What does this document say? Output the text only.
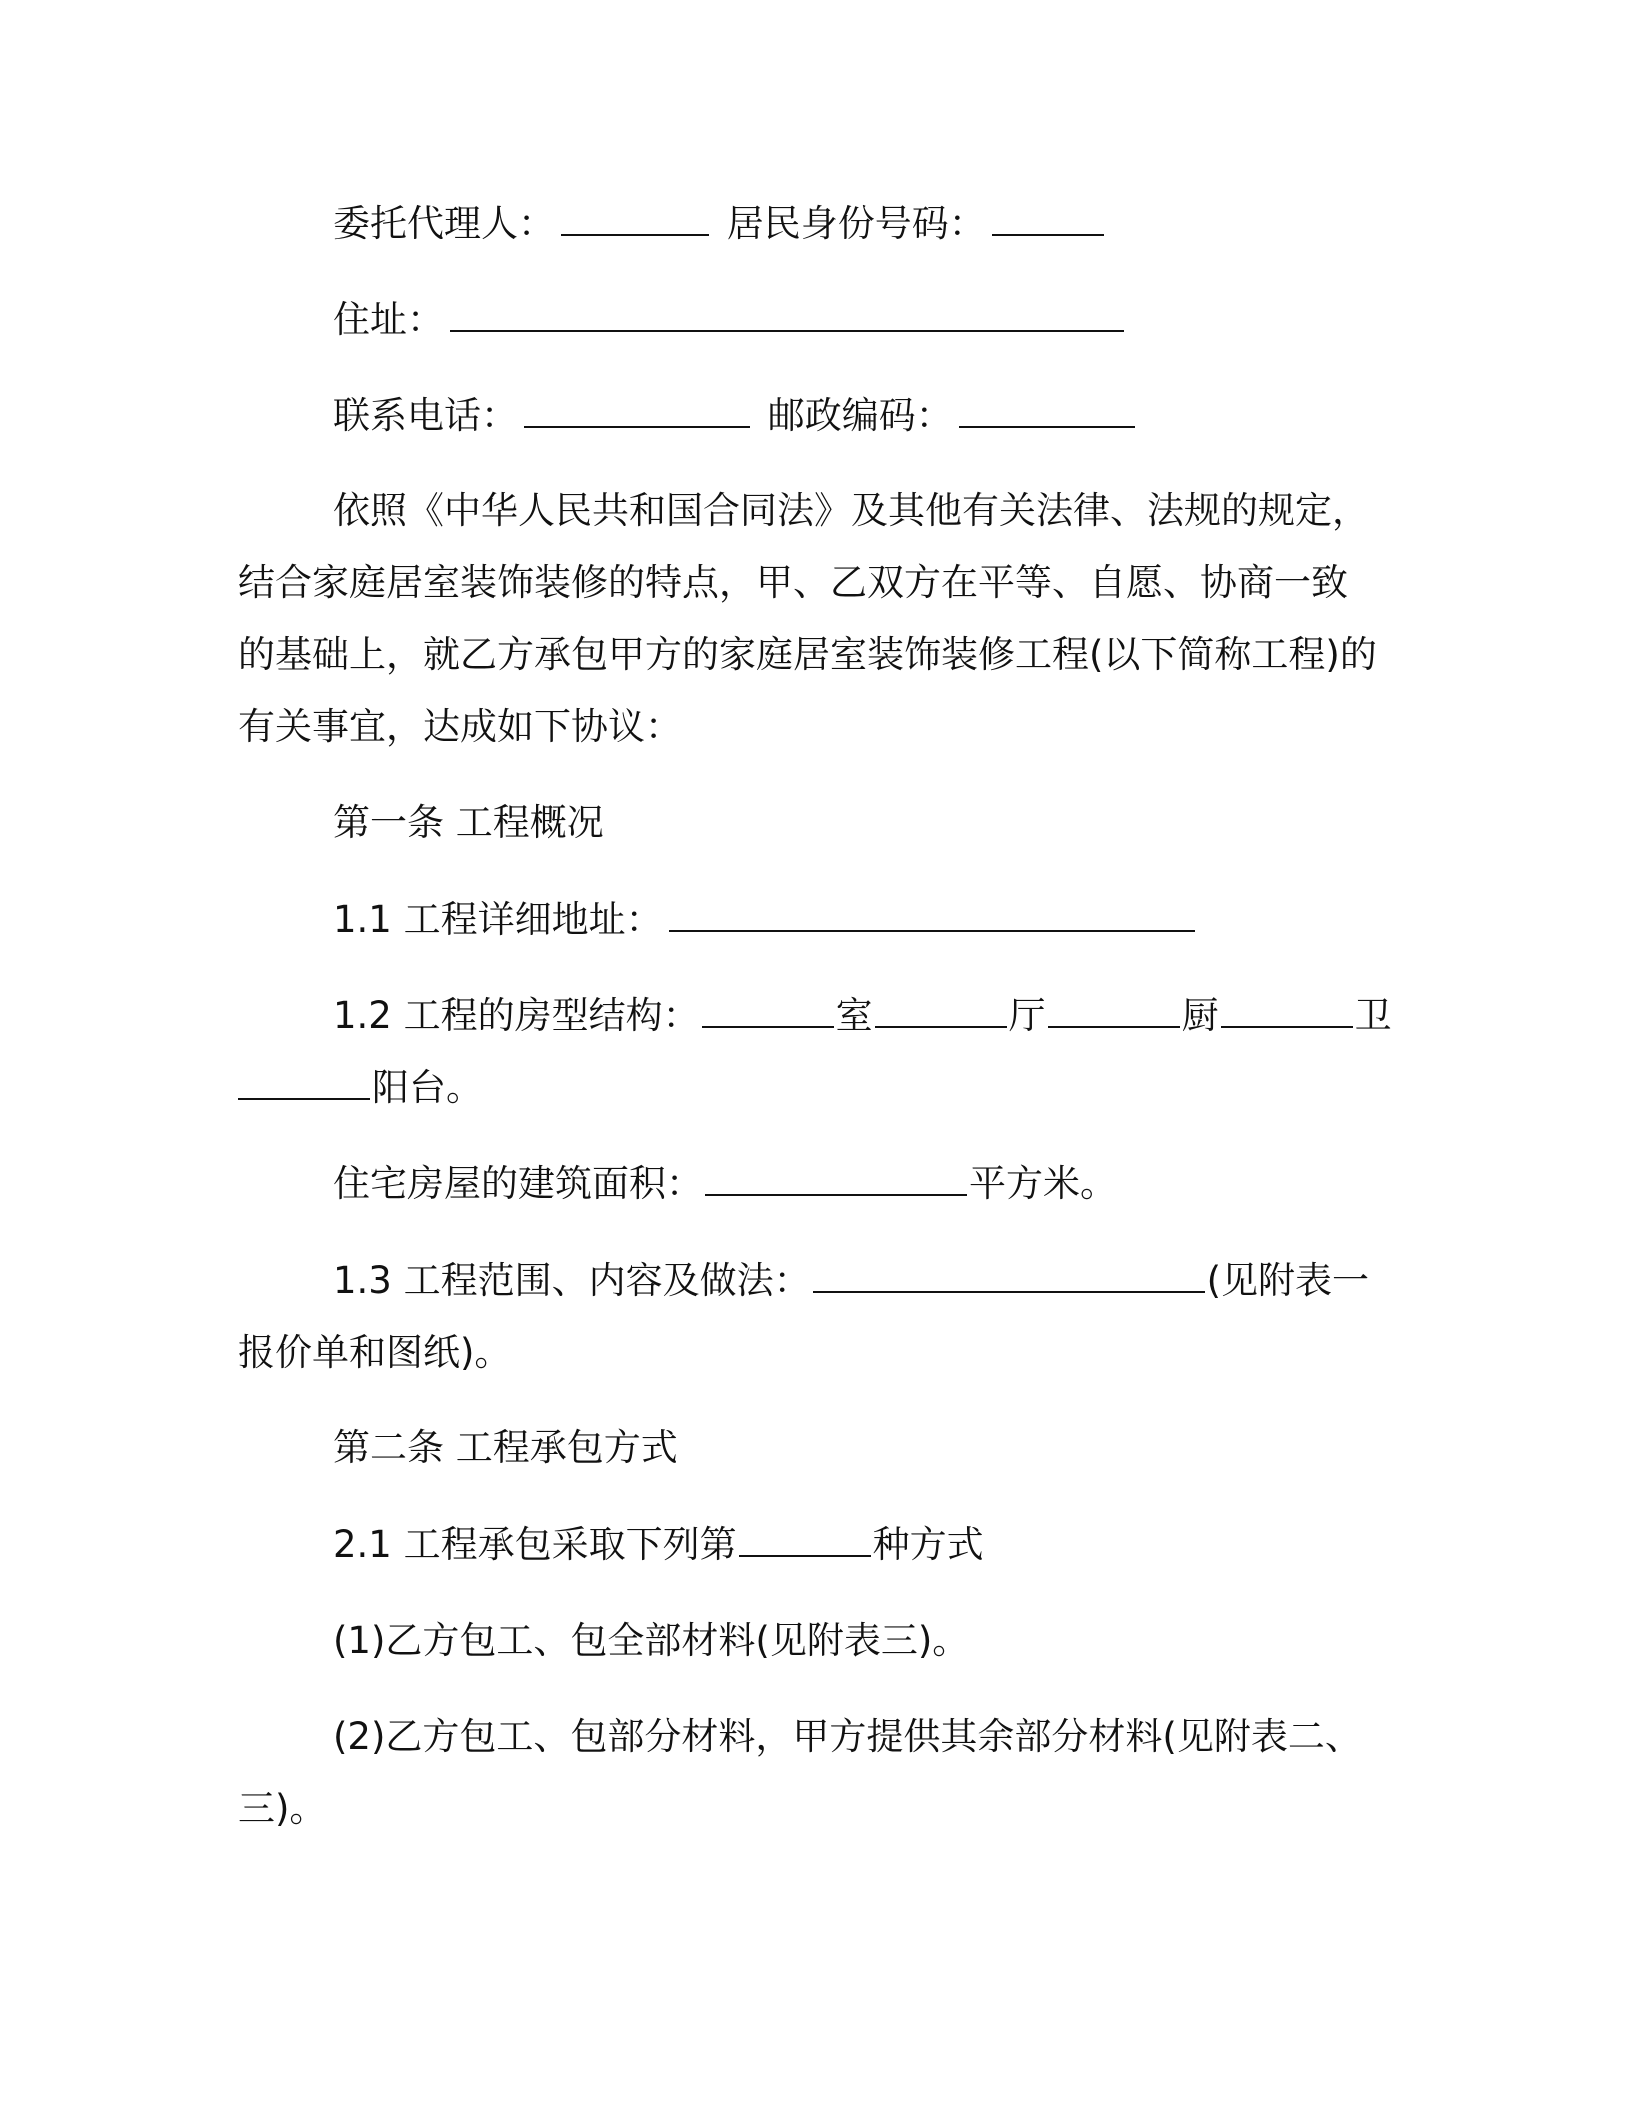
委托代理人：	居民身份号码：
住址：
联系电话：	邮政编码：
依照《中华人民共和国合同法》及其他有关法律、法规的规定，
结合家庭居室装饰装修的特点，甲、乙双方在平等、自愿、协商一致
的基础上，就乙方承包甲方的家庭居室装饰装修工程(以下简称工程)的
有关事宜，达成如下协议：
第一条 工程概况
1.1 工程详细地址：
1.2 工程的房型结构：	室	厅	厨	卫
阳台。
住宅房屋的建筑面积：	平方米。
1.3 工程范围、内容及做法：	(见附表一
报价单和图纸)。
第二条 工程承包方式
2.1 工程承包采取下列第	种方式
(1)乙方包工、包全部材料(见附表三)。
(2)乙方包工、包部分材料，甲方提供其余部分材料(见附表二、
三)。
